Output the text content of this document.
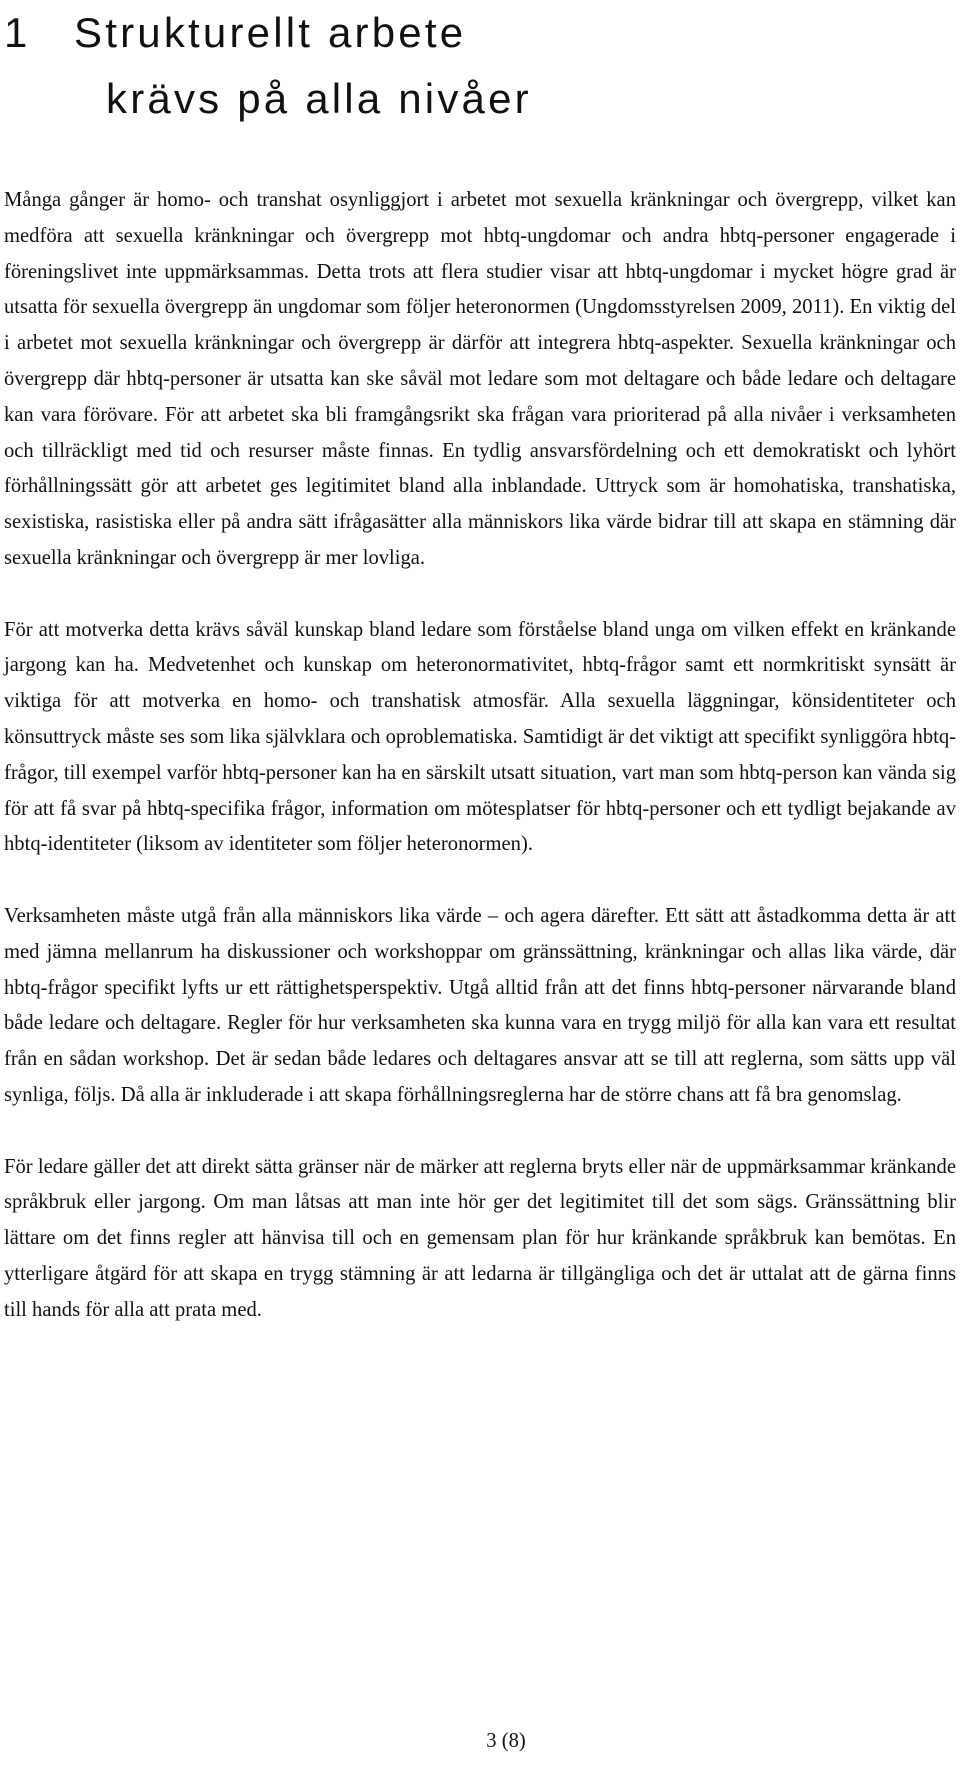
1 Strukturellt arbete
krävs på alla nivåer

Många gånger är homo- och transhat osynliggjort i arbetet mot sexuella kränkningar och övergrepp, vilket kan medföra att sexuella kränkningar och övergrepp mot hbtq-ungdomar och andra hbtq-personer engagerade i föreningslivet inte uppmärksammas. Detta trots att flera studier visar att hbtq-ungdomar i mycket högre grad är utsatta för sexuella övergrepp än ungdomar som följer heteronormen (Ungdomsstyrelsen 2009, 2011). En viktig del i arbetet mot sexuella kränkningar och övergrepp är därför att integrera hbtq-aspekter. Sexuella kränkningar och övergrepp där hbtq-personer är utsatta kan ske såväl mot ledare som mot deltagare och både ledare och deltagare kan vara förövare. För att arbetet ska bli framgångsrikt ska frågan vara prioriterad på alla nivåer i verksamheten och tillräckligt med tid och resurser måste finnas. En tydlig ansvarsfördelning och ett demokratiskt och lyhört förhållningssätt gör att arbetet ges legitimitet bland alla inblandade. Uttryck som är homohatiska, transhatiska, sexistiska, rasistiska eller på andra sätt ifrågasätter alla människors lika värde bidrar till att skapa en stämning där sexuella kränkningar och övergrepp är mer lovliga.

För att motverka detta krävs såväl kunskap bland ledare som förståelse bland unga om vilken effekt en kränkande jargong kan ha. Medvetenhet och kunskap om heteronormativitet, hbtq-frågor samt ett normkritiskt synsätt är viktiga för att motverka en homo- och transhatisk atmosfär. Alla sexuella läggningar, könsidentiteter och könsuttryck måste ses som lika självklara och oproblematiska. Samtidigt är det viktigt att specifikt synliggöra hbtq-frågor, till exempel varför hbtq-personer kan ha en särskilt utsatt situation, vart man som hbtq-person kan vända sig för att få svar på hbtq-specifika frågor, information om mötesplatser för hbtq-personer och ett tydligt bejakande av hbtq-identiteter (liksom av identiteter som följer heteronormen).

Verksamheten måste utgå från alla människors lika värde – och agera därefter. Ett sätt att åstadkomma detta är att med jämna mellanrum ha diskussioner och workshoppar om gränssättning, kränkningar och allas lika värde, där hbtq-frågor specifikt lyfts ur ett rättighetsperspektiv. Utgå alltid från att det finns hbtq-personer närvarande bland både ledare och deltagare. Regler för hur verksamheten ska kunna vara en trygg miljö för alla kan vara ett resultat från en sådan workshop. Det är sedan både ledares och deltagares ansvar att se till att reglerna, som sätts upp väl synliga, följs. Då alla är inkluderade i att skapa förhållningsreglerna har de större chans att få bra genomslag.

För ledare gäller det att direkt sätta gränser när de märker att reglerna bryts eller när de uppmärksammar kränkande språkbruk eller jargong. Om man låtsas att man inte hör ger det legitimitet till det som sägs. Gränssättning blir lättare om det finns regler att hänvisa till och en gemensam plan för hur kränkande språkbruk kan bemötas. En ytterligare åtgärd för att skapa en trygg stämning är att ledarna är tillgängliga och det är uttalat att de gärna finns till hands för alla att prata med.

3 (8)
